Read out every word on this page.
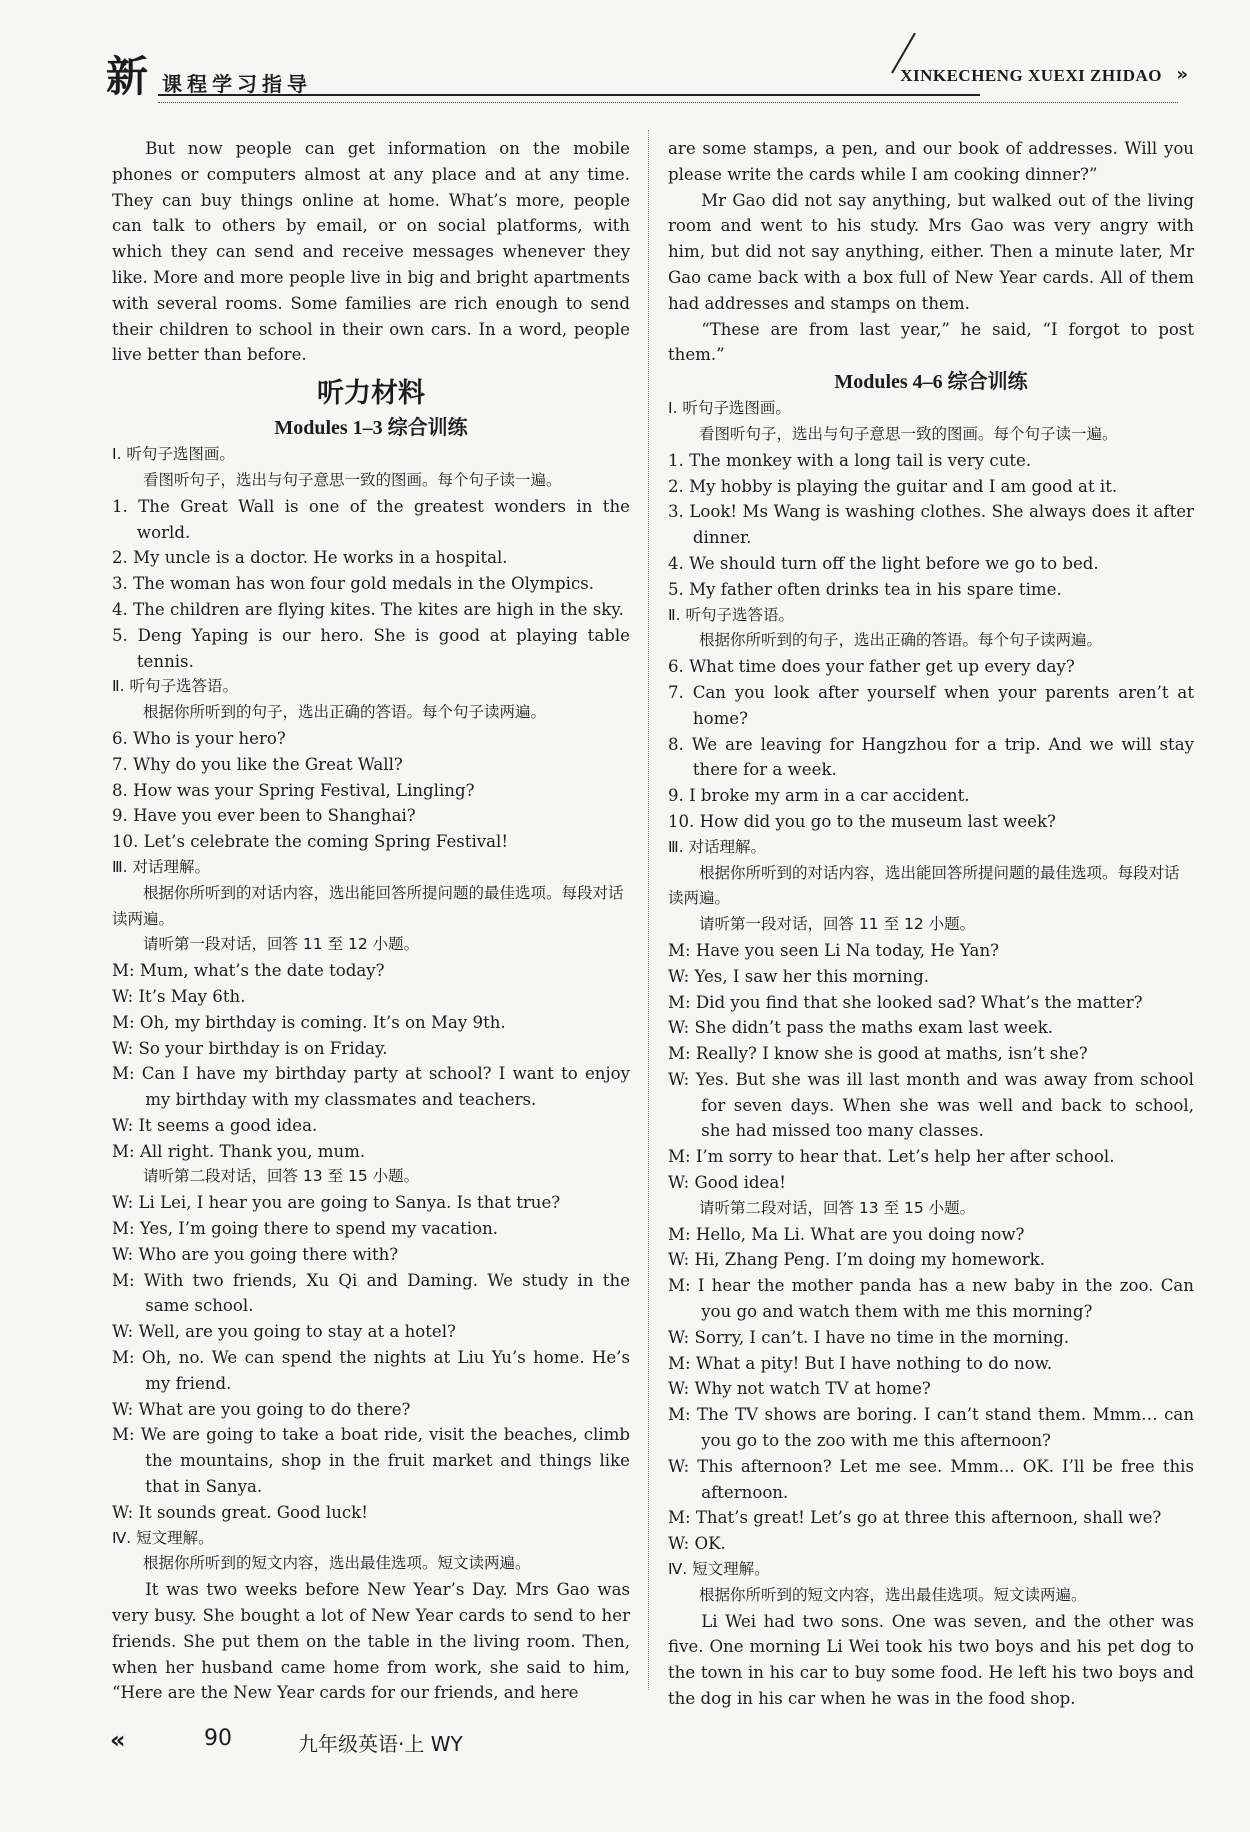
新 课程学习指导	XINKECHENG XUEXI ZHIDAO »
But now people can get information on the mobile phones or computers almost at any place and at any time. They can buy things online at home. What’s more, people can talk to others by email, or on social platforms, with which they can send and receive messages whenever they like. More and more people live in big and bright apartments with several rooms. Some families are rich enough to send their children to school in their own cars. In a word, people live better than before.
听力材料
Modules 1–3 综合训练
Ⅰ. 听句子选图画。
看图听句子，选出与句子意思一致的图画。每个句子读一遍。
1. The Great Wall is one of the greatest wonders in the world.
2. My uncle is a doctor. He works in a hospital.
3. The woman has won four gold medals in the Olympics.
4. The children are flying kites. The kites are high in the sky.
5. Deng Yaping is our hero. She is good at playing table tennis.
Ⅱ. 听句子选答语。
根据你所听到的句子，选出正确的答语。每个句子读两遍。
6. Who is your hero?
7. Why do you like the Great Wall?
8. How was your Spring Festival, Lingling?
9. Have you ever been to Shanghai?
10. Let’s celebrate the coming Spring Festival!
Ⅲ. 对话理解。
根据你所听到的对话内容，选出能回答所提问题的最佳选项。每段对话读两遍。
请听第一段对话，回答 11 至 12 小题。
M: Mum, what’s the date today?
W: It’s May 6th.
M: Oh, my birthday is coming. It’s on May 9th.
W: So your birthday is on Friday.
M: Can I have my birthday party at school? I want to enjoy my birthday with my classmates and teachers.
W: It seems a good idea.
M: All right. Thank you, mum.
请听第二段对话，回答 13 至 15 小题。
W: Li Lei, I hear you are going to Sanya. Is that true?
M: Yes, I’m going there to spend my vacation.
W: Who are you going there with?
M: With two friends, Xu Qi and Daming. We study in the same school.
W: Well, are you going to stay at a hotel?
M: Oh, no. We can spend the nights at Liu Yu’s home. He’s my friend.
W: What are you going to do there?
M: We are going to take a boat ride, visit the beaches, climb the mountains, shop in the fruit market and things like that in Sanya.
W: It sounds great. Good luck!
Ⅳ. 短文理解。
根据你所听到的短文内容，选出最佳选项。短文读两遍。
It was two weeks before New Year’s Day. Mrs Gao was very busy. She bought a lot of New Year cards to send to her friends. She put them on the table in the living room. Then, when her husband came home from work, she said to him, “Here are the New Year cards for our friends, and here
are some stamps, a pen, and our book of addresses. Will you please write the cards while I am cooking dinner?”
Mr Gao did not say anything, but walked out of the living room and went to his study. Mrs Gao was very angry with him, but did not say anything, either. Then a minute later, Mr Gao came back with a box full of New Year cards. All of them had addresses and stamps on them.
“These are from last year,” he said, “I forgot to post them.”
Modules 4–6 综合训练
Ⅰ. 听句子选图画。
看图听句子，选出与句子意思一致的图画。每个句子读一遍。
1. The monkey with a long tail is very cute.
2. My hobby is playing the guitar and I am good at it.
3. Look! Ms Wang is washing clothes. She always does it after dinner.
4. We should turn off the light before we go to bed.
5. My father often drinks tea in his spare time.
Ⅱ. 听句子选答语。
根据你所听到的句子，选出正确的答语。每个句子读两遍。
6. What time does your father get up every day?
7. Can you look after yourself when your parents aren’t at home?
8. We are leaving for Hangzhou for a trip. And we will stay there for a week.
9. I broke my arm in a car accident.
10. How did you go to the museum last week?
Ⅲ. 对话理解。
根据你所听到的对话内容，选出能回答所提问题的最佳选项。每段对话读两遍。
请听第一段对话，回答 11 至 12 小题。
M: Have you seen Li Na today, He Yan?
W: Yes, I saw her this morning.
M: Did you find that she looked sad? What’s the matter?
W: She didn’t pass the maths exam last week.
M: Really? I know she is good at maths, isn’t she?
W: Yes. But she was ill last month and was away from school for seven days. When she was well and back to school, she had missed too many classes.
M: I’m sorry to hear that. Let’s help her after school.
W: Good idea!
请听第二段对话，回答 13 至 15 小题。
M: Hello, Ma Li. What are you doing now?
W: Hi, Zhang Peng. I’m doing my homework.
M: I hear the mother panda has a new baby in the zoo. Can you go and watch them with me this morning?
W: Sorry, I can’t. I have no time in the morning.
M: What a pity! But I have nothing to do now.
W: Why not watch TV at home?
M: The TV shows are boring. I can’t stand them. Mmm… can you go to the zoo with me this afternoon?
W: This afternoon? Let me see. Mmm... OK. I’ll be free this afternoon.
M: That’s great! Let’s go at three this afternoon, shall we?
W: OK.
Ⅳ. 短文理解。
根据你所听到的短文内容，选出最佳选项。短文读两遍。
Li Wei had two sons. One was seven, and the other was five. One morning Li Wei took his two boys and his pet dog to the town in his car to buy some food. He left his two boys and the dog in his car when he was in the food shop.
«	90	九年级英语·上 WY
